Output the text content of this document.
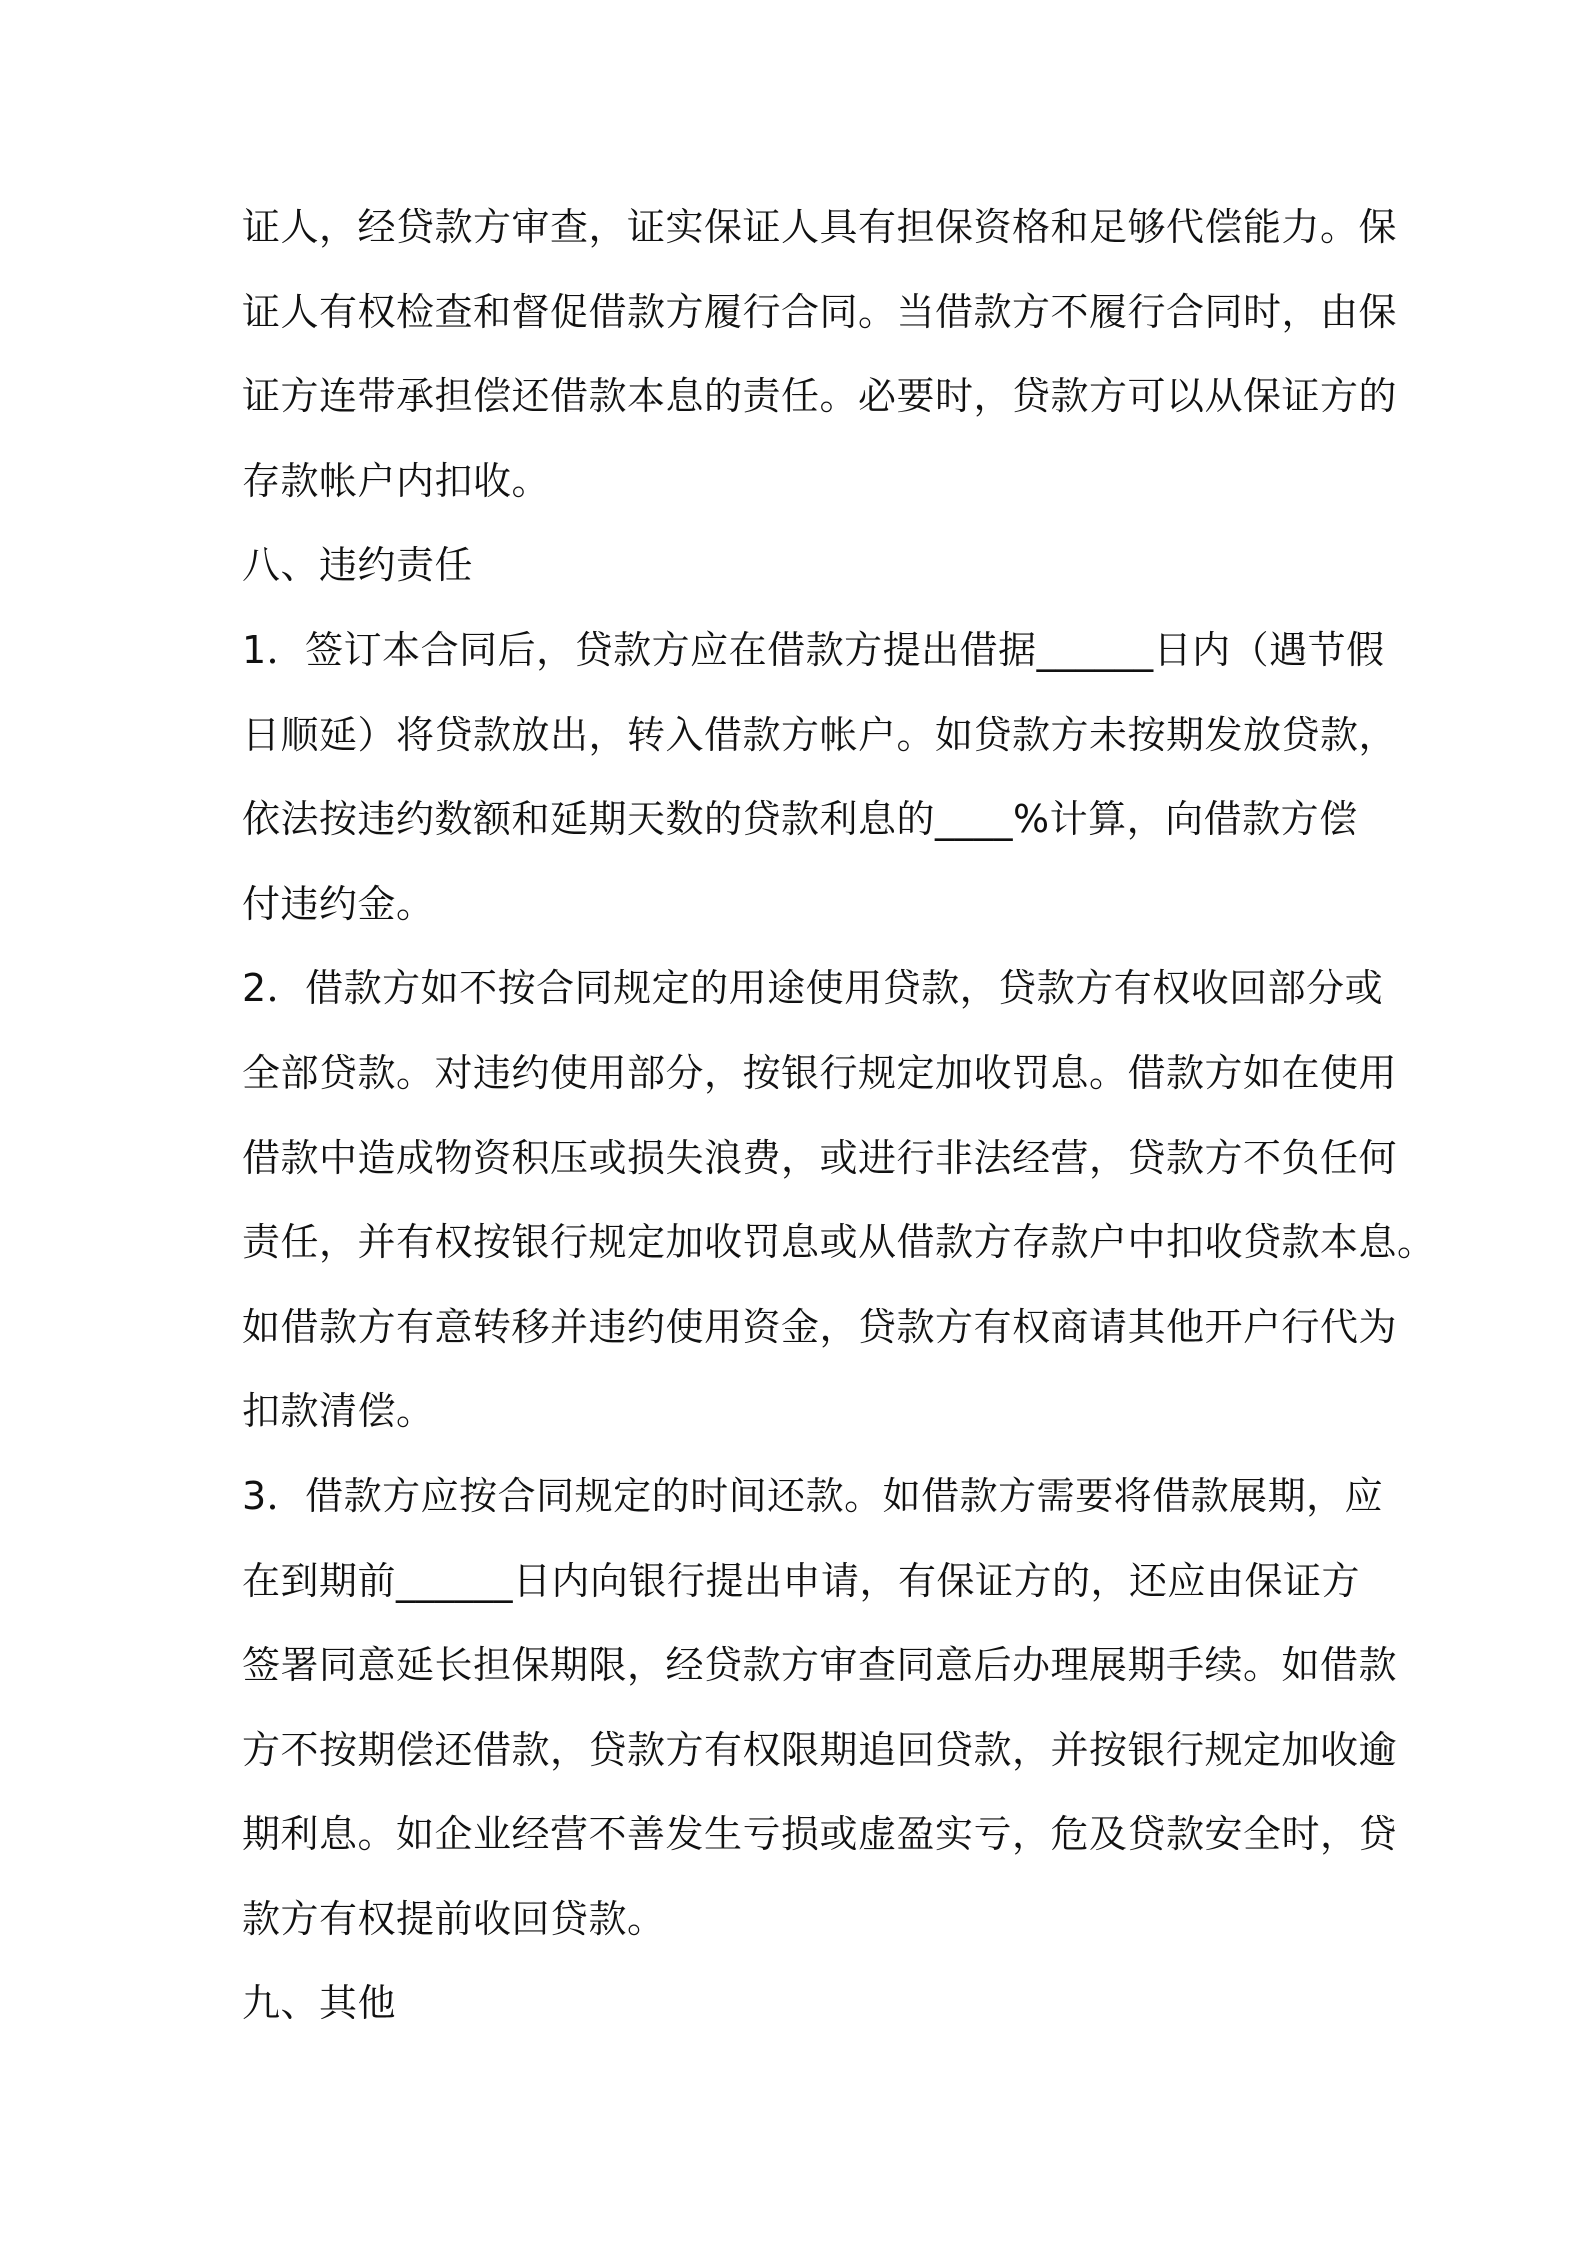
证人，经贷款方审查，证实保证人具有担保资格和足够代偿能力。保
证人有权检查和督促借款方履行合同。当借款方不履行合同时，由保
证方连带承担偿还借款本息的责任。必要时，贷款方可以从保证方的
存款帐户内扣收。
八、违约责任
1．签订本合同后，贷款方应在借款方提出借据______日内（遇节假
日顺延）将贷款放出，转入借款方帐户。如贷款方未按期发放贷款，
依法按违约数额和延期天数的贷款利息的____%计算，向借款方偿
付违约金。
2．借款方如不按合同规定的用途使用贷款，贷款方有权收回部分或
全部贷款。对违约使用部分，按银行规定加收罚息。借款方如在使用
借款中造成物资积压或损失浪费，或进行非法经营，贷款方不负任何
责任，并有权按银行规定加收罚息或从借款方存款户中扣收贷款本息。
如借款方有意转移并违约使用资金，贷款方有权商请其他开户行代为
扣款清偿。
3．借款方应按合同规定的时间还款。如借款方需要将借款展期，应
在到期前______日内向银行提出申请，有保证方的，还应由保证方
签署同意延长担保期限，经贷款方审查同意后办理展期手续。如借款
方不按期偿还借款，贷款方有权限期追回贷款，并按银行规定加收逾
期利息。如企业经营不善发生亏损或虚盈实亏，危及贷款安全时，贷
款方有权提前收回贷款。
九、其他
